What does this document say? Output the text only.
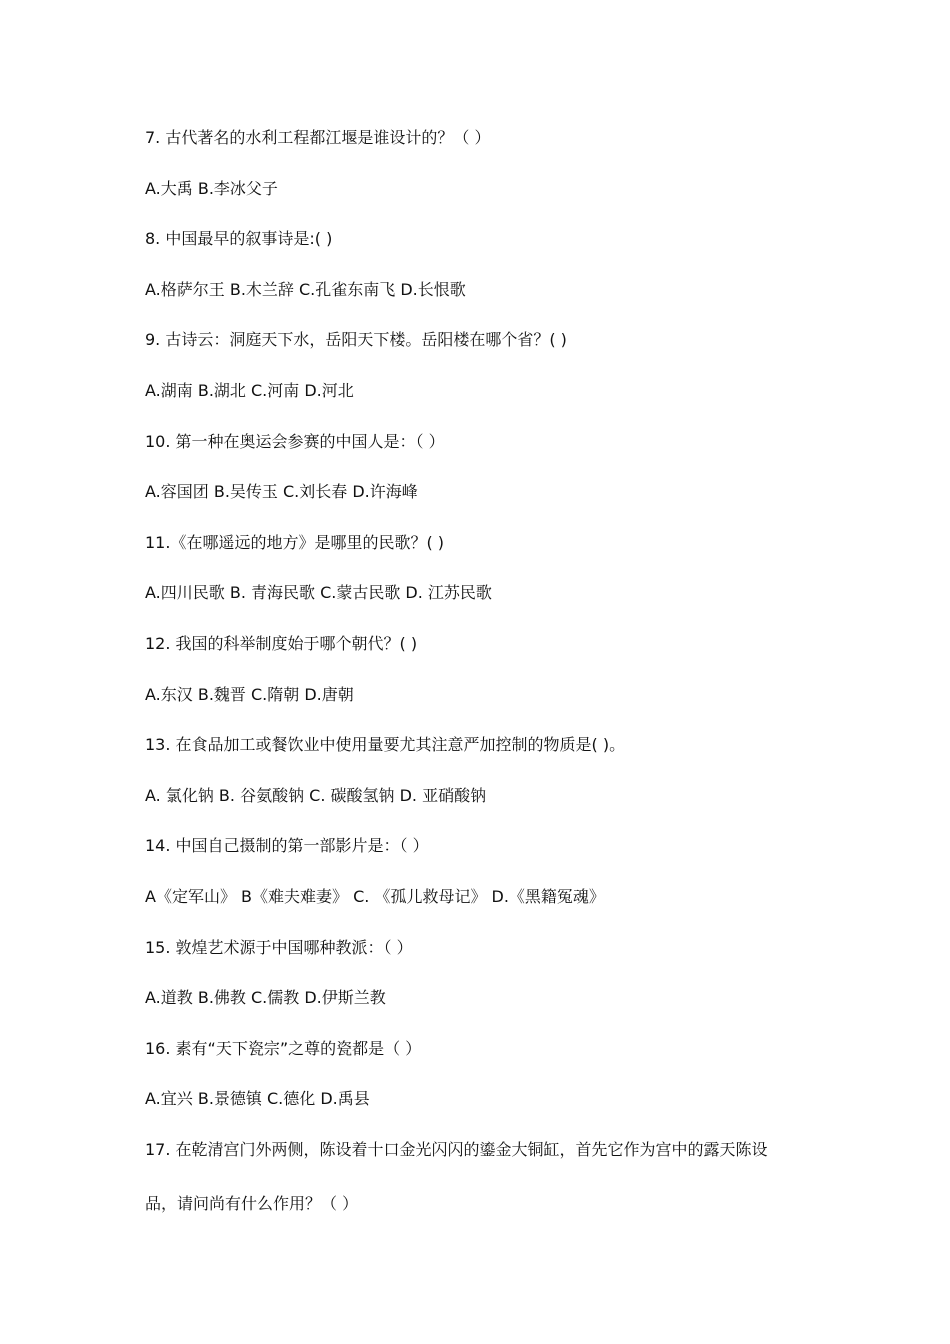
7. 古代著名的水利工程都江堰是谁设计的？（ ）
A.大禹 B.李冰父子
8. 中国最早的叙事诗是:( )
A.格萨尔王 B.木兰辞 C.孔雀东南飞 D.长恨歌
9. 古诗云：洞庭天下水，岳阳天下楼。岳阳楼在哪个省？( )
A.湖南 B.湖北 C.河南 D.河北
10. 第一种在奥运会参赛的中国人是：（ ）
A.容国团 B.吴传玉 C.刘长春 D.许海峰
11.《在哪遥远的地方》是哪里的民歌？( )
A.四川民歌 B. 青海民歌 C.蒙古民歌 D. 江苏民歌
12. 我国的科举制度始于哪个朝代？( )
A.东汉 B.魏晋 C.隋朝 D.唐朝
13. 在食品加工或餐饮业中使用量要尤其注意严加控制的物质是( )。
A. 氯化钠 B. 谷氨酸钠 C. 碳酸氢钠 D. 亚硝酸钠
14. 中国自己摄制的第一部影片是：（ ）
A《定军山》 B《难夫难妻》 C. 《孤儿救母记》 D.《黑籍冤魂》
15. 敦煌艺术源于中国哪种教派：（ ）
A.道教 B.佛教 C.儒教 D.伊斯兰教
16. 素有“天下瓷宗”之尊的瓷都是（ ）
A.宜兴 B.景德镇 C.德化 D.禹县
17. 在乾清宫门外两侧，陈设着十口金光闪闪的鎏金大铜缸，首先它作为宫中的露天陈设
品，请问尚有什么作用？（ ）
